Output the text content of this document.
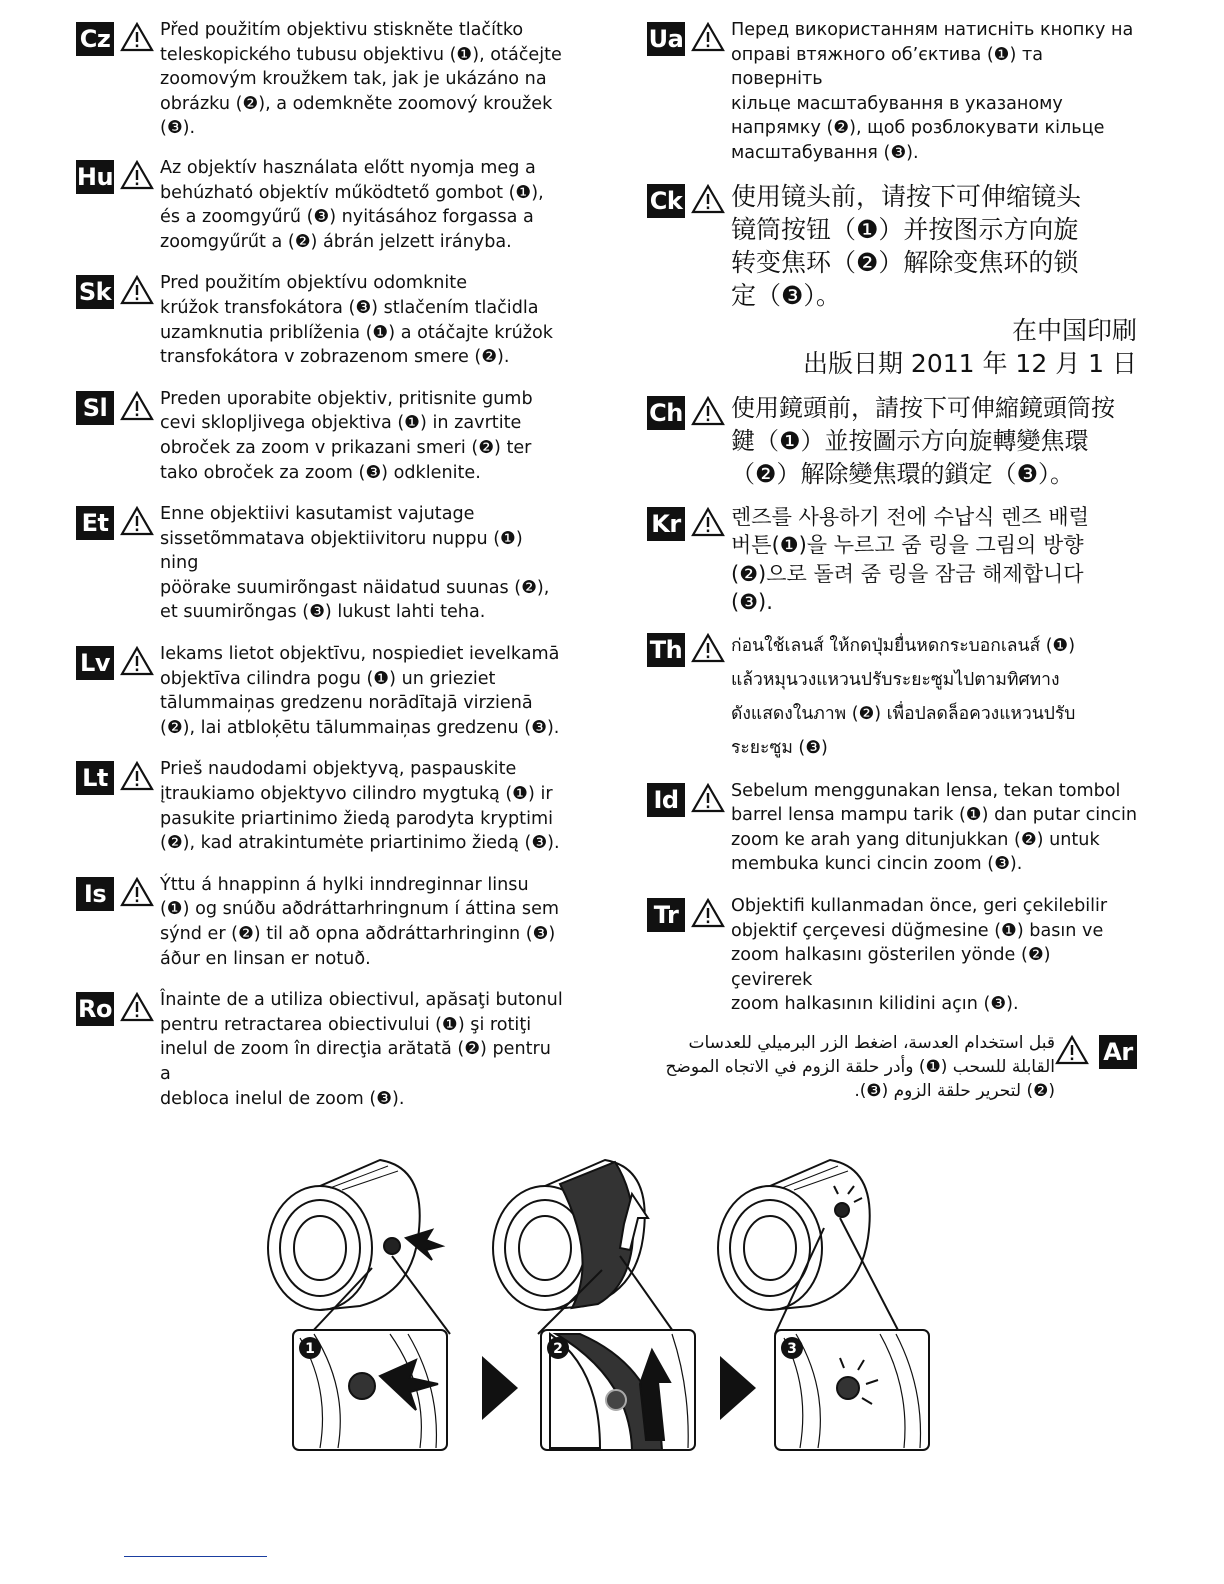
Cz	Před použitím objektivu stiskněte tlačítko
teleskopického tubusu objektivu (❶), otáčejte
zoomovým kroužkem tak, jak je ukázáno na
obrázku (❷), a odemkněte zoomový kroužek
(❸).
Hu	Az objektív használata előtt nyomja meg a
behúzható objektív működtető gombot (❶),
és a zoomgyűrű (❸) nyitásához forgassa a
zoomgyűrűt a (❷) ábrán jelzett irányba.
Sk	Pred použitím objektívu odomknite
krúžok transfokátora (❸) stlačením tlačidla
uzamknutia priblíženia (❶) a otáčajte krúžok
transfokátora v zobrazenom smere (❷).
Sl	Preden uporabite objektiv, pritisnite gumb
cevi sklopljivega objektiva (❶) in zavrtite
obroček za zoom v prikazani smeri (❷) ter
tako obroček za zoom (❸) odklenite.
Et	Enne objektiivi kasutamist vajutage
sissetõmmatava objektiivitoru nuppu (❶) ning
pöörake suumirõngast näidatud suunas (❷),
et suumirõngas (❸) lukust lahti teha.
Lv	Iekams lietot objektīvu, nospiediet ievelkamā
objektīva cilindra pogu (❶) un grieziet
tālummaiņas gredzenu norādītajā virzienā
(❷), lai atbloķētu tālummaiņas gredzenu (❸).
Lt	Prieš naudodami objektyvą, paspauskite
įtraukiamo objektyvo cilindro mygtuką (❶) ir
pasukite priartinimo žiedą parodyta kryptimi
(❷), kad atrakintumėte priartinimo žiedą (❸).
Is	Ýttu á hnappinn á hylki inndreginnar linsu
(❶) og snúðu aðdráttarhringnum í áttina sem
sýnd er (❷) til að opna aðdráttarhringinn (❸)
áður en linsan er notuð.
Ro	Înainte de a utiliza obiectivul, apăsaţi butonul
pentru retractarea obiectivului (❶) şi rotiţi
inelul de zoom în direcţia arătată (❷) pentru a
debloca inelul de zoom (❸).
Ua	Перед використанням натисніть кнопку на
оправі втяжного об’єктива (❶) та поверніть
кільце масштабування в указаному
напрямку (❷), щоб розблокувати кільце
масштабування (❸).
Ck 使用镜头前，请按下可伸缩镜头
镜筒按钮（❶）并按图示方向旋
转变焦环（❷）解除变焦环的锁
定（❸）。
在中国印刷
出版日期 2011 年 12 月 1 日
Ch 使用鏡頭前，請按下可伸縮鏡頭筒按
鍵（❶）並按圖示方向旋轉變焦環
（❷）解除變焦環的鎖定（❸）。
Kr 렌즈를 사용하기 전에 수납식 렌즈 배럴
버튼(❶)을 누르고 줌 링을 그림의 방향
(❷)으로 돌려 줌 링을 잠금 해제합니다
(❸).
Th	ก่อนใช้เลนส์ ให้กดปุ่มยื่นหดกระบอกเลนส์ (❶)
แล้วหมุนวงแหวนปรับระยะซูมไปตามทิศทาง
ดังแสดงในภาพ (❷) เพื่อปลดล็อควงแหวนปรับ
ระยะซูม (❸)
Id	Sebelum menggunakan lensa, tekan tombol
barrel lensa mampu tarik (❶) dan putar cincin
zoom ke arah yang ditunjukkan (❷) untuk
membuka kunci cincin zoom (❸).
Tr	Objektifi kullanmadan önce, geri çekilebilir
objektif çerçevesi düğmesine (❶) basın ve
zoom halkasını gösterilen yönde (❷) çevirerek
zoom halkasının kilidini açın (❸).
Ar
قبل استخدام العدسة، اضغط الزر البرميلي للعدسات
القابلة للسحب (❶) وأدر حلقة الزوم في الاتجاه الموضح
(❷) لتحرير حلقة الزوم (❸).
1	2	3
